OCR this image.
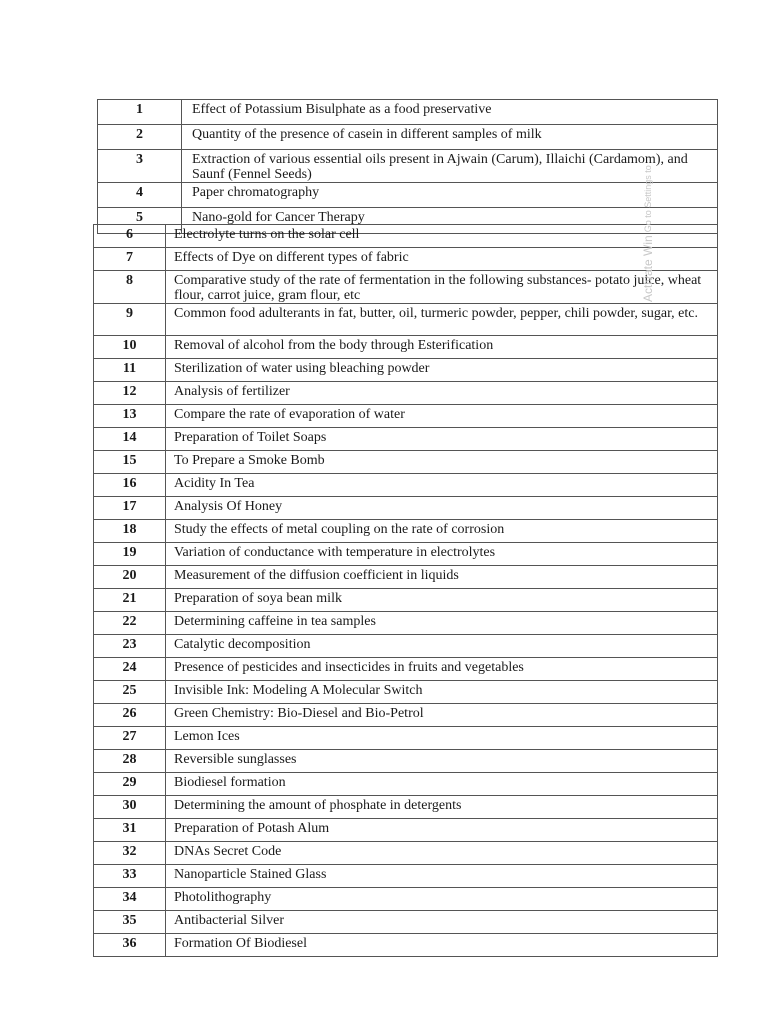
1	Effect of Potassium Bisulphate as a food preservative
2	Quantity of the presence of casein in different samples of milk
3	Extraction of various essential oils present in Ajwain (Carum), Illaichi (Cardamom), and Saunf (Fennel Seeds)
4	Paper chromatography
5	Nano-gold for Cancer Therapy
6	Electrolyte turns on the solar cell
7	Effects of Dye on different types of fabric
8	Comparative study of the rate of fermentation in the following substances- potato juice, wheat flour, carrot juice, gram flour, etc
9	Common food adulterants in fat, butter, oil, turmeric powder, pepper, chili powder, sugar, etc.
10	Removal of alcohol from the body through Esterification
11	Sterilization of water using bleaching powder
12	Analysis of fertilizer
13	Compare the rate of evaporation of water
14	Preparation of Toilet Soaps
15	To Prepare a Smoke Bomb
16	Acidity In Tea
17	Analysis Of Honey
18	Study the effects of metal coupling on the rate of corrosion
19	Variation of conductance with temperature in electrolytes
20	Measurement of the diffusion coefficient in liquids
21	Preparation of soya bean milk
22	Determining caffeine in tea samples
23	Catalytic decomposition
24	Presence of pesticides and insecticides in fruits and vegetables
25	Invisible Ink: Modeling A Molecular Switch
26	Green Chemistry: Bio-Diesel and Bio-Petrol
27	Lemon Ices
28	Reversible sunglasses
29	Biodiesel formation
30	Determining the amount of phosphate in detergents
31	Preparation of Potash Alum
32	DNAs Secret Code
33	Nanoparticle Stained Glass
34	Photolithography
35	Antibacterial Silver
36	Formation Of Biodiesel
Activate Win Go to Settings to
